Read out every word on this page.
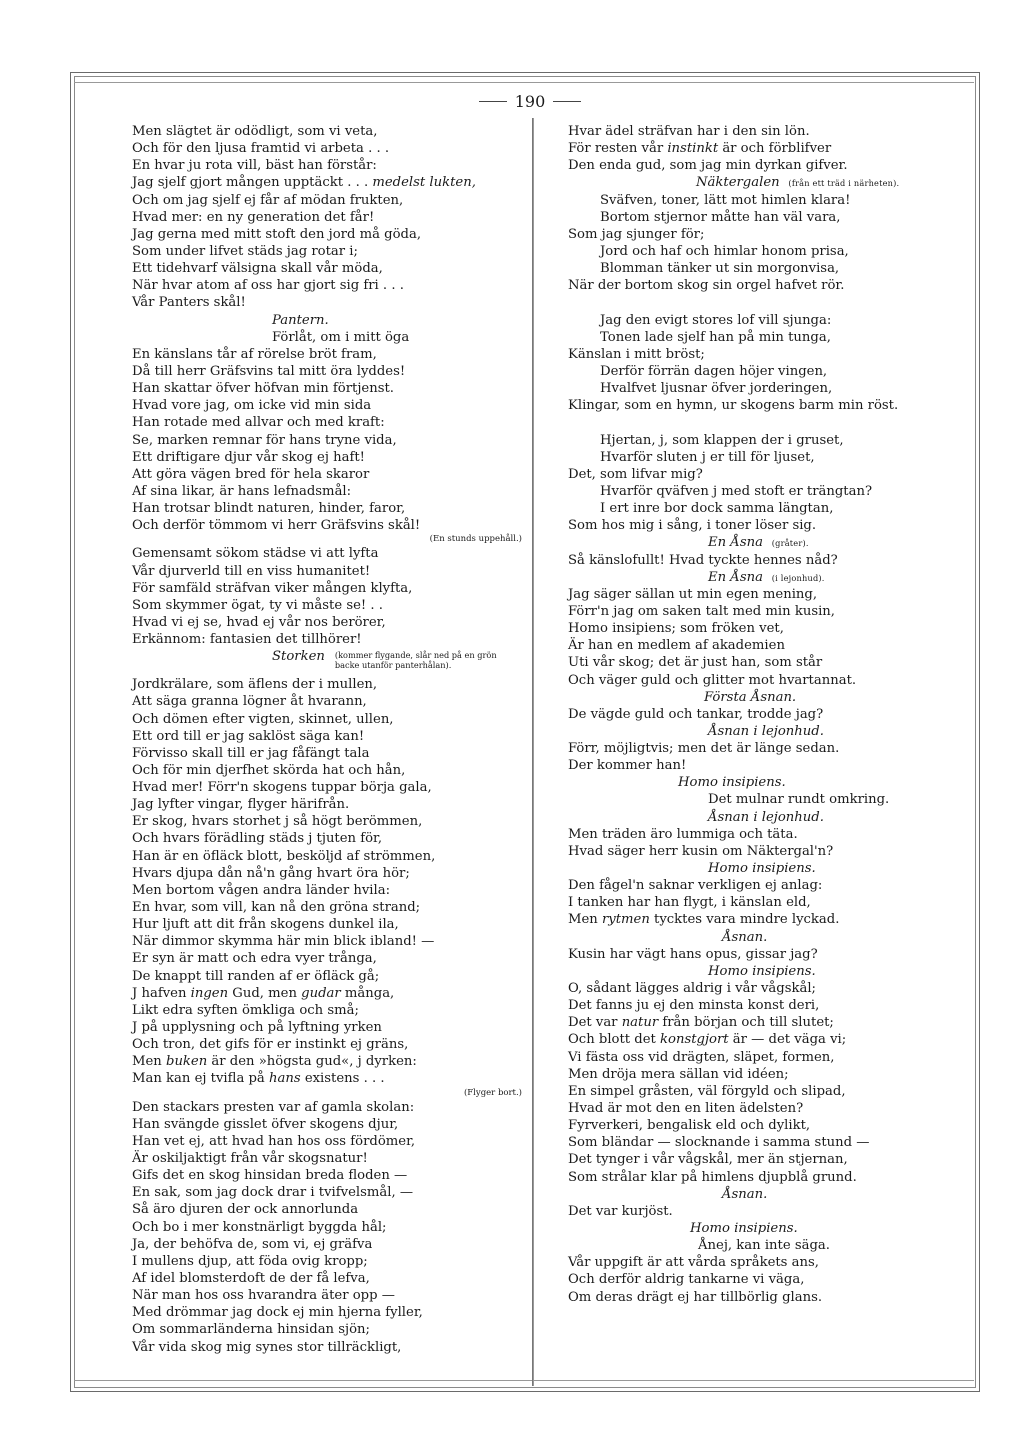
190
Men slägtet är odödligt, som vi veta,
Och för den ljusa framtid vi arbeta . . .
En hvar ju rota vill, bäst han förstår:
Jag sjelf gjort mången upptäckt . . . medelst lukten,
Och om jag sjelf ej får af mödan frukten,
Hvad mer: en ny generation det får!
Jag gerna med mitt stoft den jord må göda,
Som under lifvet städs jag rotar i;
Ett tidehvarf välsigna skall vår möda,
När hvar atom af oss har gjort sig fri . . .
Vår Panters skål!
Pantern.
Förlåt, om i mitt öga
En känslans tår af rörelse bröt fram,
Då till herr Gräfsvins tal mitt öra lyddes!
Han skattar öfver höfvan min förtjenst.
Hvad vore jag, om icke vid min sida
Han rotade med allvar och med kraft:
Se, marken remnar för hans tryne vida,
Ett driftigare djur vår skog ej haft!
Att göra vägen bred för hela skaror
Af sina likar, är hans lefnadsmål:
Han trotsar blindt naturen, hinder, faror,
Och derför tömmom vi herr Gräfsvins skål!
(En stunds uppehåll.)
Gemensamt sökom städse vi att lyfta
Vår djurverld till en viss humanitet!
För samfäld sträfvan viker mången klyfta,
Som skymmer ögat, ty vi måste se! . .
Hvad vi ej se, hvad ej vår nos berörer,
Erkännom: fantasien det tillhörer!
Storken (kommer flygande, slår ned på en grön backe utanför panterhålan).
Jordkrälare, som äflens der i mullen,
Att säga granna lögner åt hvarann,
Och dömen efter vigten, skinnet, ullen,
Ett ord till er jag saklöst säga kan!
Förvisso skall till er jag fåfängt tala
Och för min djerfhet skörda hat och hån,
Hvad mer! Förr'n skogens tuppar börja gala,
Jag lyfter vingar, flyger härifrån.
Er skog, hvars storhet j så högt berömmen,
Och hvars förädling städs j tjuten för,
Han är en öfläck blott, besköljd af strömmen,
Hvars djupa dån nå'n gång hvart öra hör;
Men bortom vågen andra länder hvila:
En hvar, som vill, kan nå den gröna strand;
Hur ljuft att dit från skogens dunkel ila,
När dimmor skymma här min blick ibland! —
Er syn är matt och edra vyer trånga,
De knappt till randen af er öfläck gå;
J hafven ingen Gud, men gudar många,
Likt edra syften ömkliga och små;
J på upplysning och på lyftning yrken
Och tron, det gifs för er instinkt ej gräns,
Men buken är den »högsta gud«, j dyrken:
Man kan ej tvifla på hans existens . . .
(Flyger bort.)
Den stackars presten var af gamla skolan:
Han svängde gisslet öfver skogens djur,
Han vet ej, att hvad han hos oss fördömer,
Är oskiljaktigt från vår skogsnatur!
Gifs det en skog hinsidan breda floden —
En sak, som jag dock drar i tvifvelsmål, —
Så äro djuren der ock annorlunda
Och bo i mer konstnärligt byggda hål;
Ja, der behöfva de, som vi, ej gräfva
I mullens djup, att föda ovig kropp;
Af idel blomsterdoft de der få lefva,
När man hos oss hvarandra äter opp —
Med drömmar jag dock ej min hjerna fyller,
Om sommarländerna hinsidan sjön;
Vår vida skog mig synes stor tillräckligt,
Hvar ädel sträfvan har i den sin lön.
För resten vår instinkt är och förblifver
Den enda gud, som jag min dyrkan gifver.
Näktergalen (från ett träd i närheten).
Sväfven, toner, lätt mot himlen klara!
Bortom stjernor måtte han väl vara,
Som jag sjunger för;
Jord och haf och himlar honom prisa,
Blomman tänker ut sin morgonvisa,
När der bortom skog sin orgel hafvet rör.
Jag den evigt stores lof vill sjunga:
Tonen lade sjelf han på min tunga,
Känslan i mitt bröst;
Derför förrän dagen höjer vingen,
Hvalfvet ljusnar öfver jorderingen,
Klingar, som en hymn, ur skogens barm min röst.
Hjertan, j, som klappen der i gruset,
Hvarför sluten j er till för ljuset,
Det, som lifvar mig?
Hvarför qväfven j med stoft er trängtan?
I ert inre bor dock samma längtan,
Som hos mig i sång, i toner löser sig.
En Åsna (gråter).
Så känslofullt! Hvad tyckte hennes nåd?
En Åsna (i lejonhud).
Jag säger sällan ut min egen mening,
Förr'n jag om saken talt med min kusin,
Homo insipiens; som fröken vet,
Är han en medlem af akademien
Uti vår skog; det är just han, som står
Och väger guld och glitter mot hvartannat.
Första Åsnan.
De vägde guld och tankar, trodde jag?
Åsnan i lejonhud.
Förr, möjligtvis; men det är länge sedan.
Der kommer han!
Homo insipiens.
Det mulnar rundt omkring.
Åsnan i lejonhud.
Men träden äro lummiga och täta.
Hvad säger herr kusin om Näktergal'n?
Homo insipiens.
Den fågel'n saknar verkligen ej anlag:
I tanken har han flygt, i känslan eld,
Men rytmen tycktes vara mindre lyckad.
Åsnan.
Kusin har vägt hans opus, gissar jag?
Homo insipiens.
O, sådant lägges aldrig i vår vågskål;
Det fanns ju ej den minsta konst deri,
Det var natur från början och till slutet;
Och blott det konstgjort är — det väga vi;
Vi fästa oss vid drägten, släpet, formen,
Men dröja mera sällan vid idéen;
En simpel gråsten, väl förgyld och slipad,
Hvad är mot den en liten ädelsten?
Fyrverkeri, bengalisk eld och dylikt,
Som bländar — slocknande i samma stund —
Det tynger i vår vågskål, mer än stjernan,
Som strålar klar på himlens djupblå grund.
Åsnan.
Det var kurjöst.
Homo insipiens.
Ånej, kan inte säga.
Vår uppgift är att vårda språkets ans,
Och derför aldrig tankarne vi väga,
Om deras drägt ej har tillbörlig glans.
